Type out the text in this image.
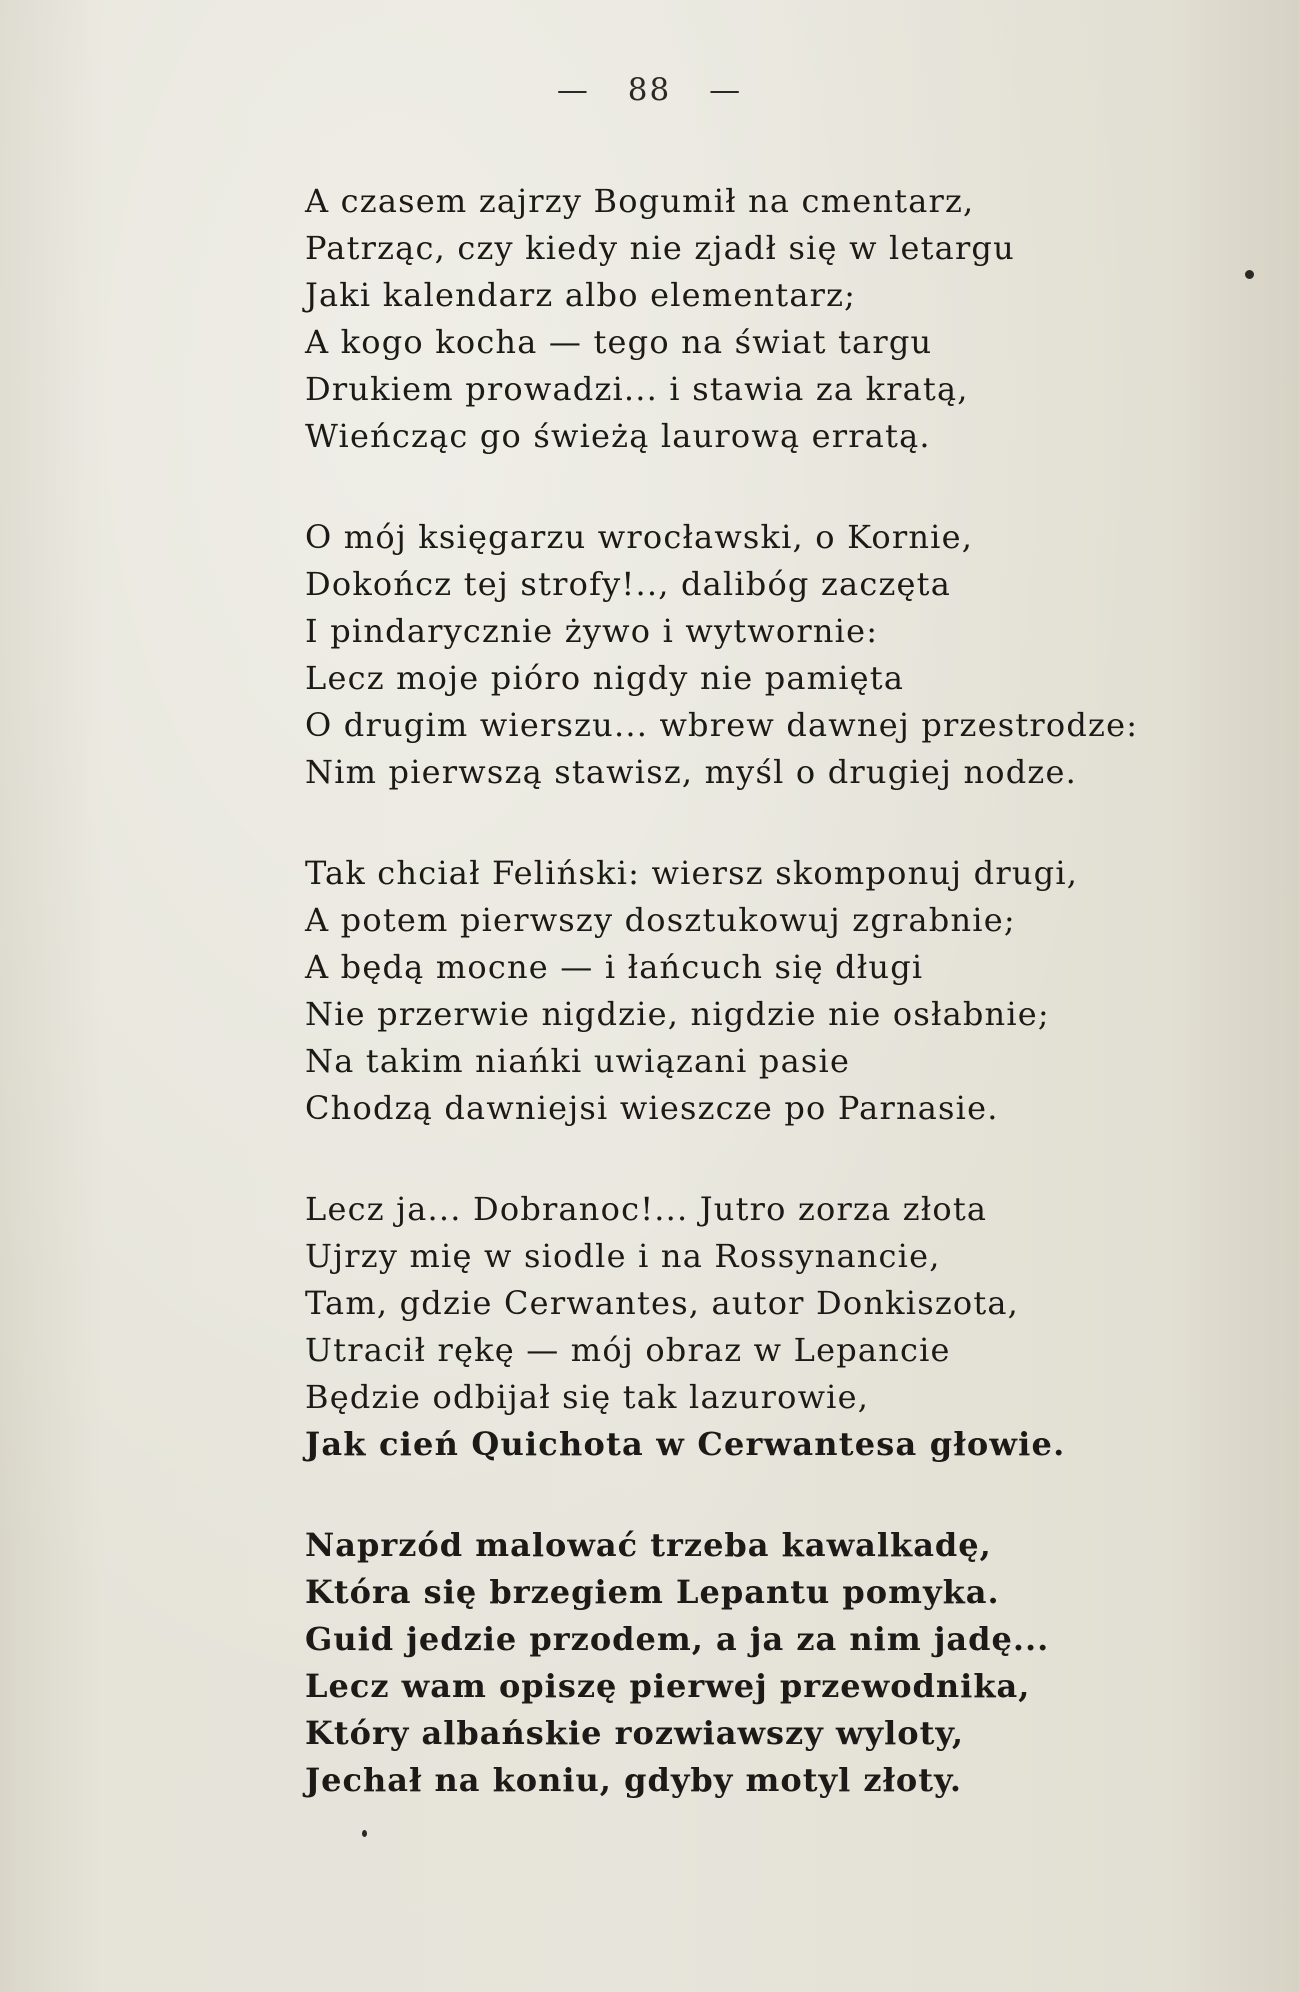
— 88 —
A czasem zajrzy Bogumił na cmentarz,
Patrząc, czy kiedy nie zjadł się w letargu
Jaki kalendarz albo elementarz;
A kogo kocha — tego na świat targu
Drukiem prowadzi... i stawia za kratą,
Wieńcząc go świeżą laurową erratą.
O mój księgarzu wrocławski, o Kornie,
Dokończ tej strofy!.., dalibóg zaczęta
I pindarycznie żywo i wytwornie:
Lecz moje pióro nigdy nie pamięta
O drugim wierszu... wbrew dawnej przestrodze:
Nim pierwszą stawisz, myśl o drugiej nodze.
Tak chciał Feliński: wiersz skomponuj drugi,
A potem pierwszy dosztukowuj zgrabnie;
A będą mocne — i łańcuch się długi
Nie przerwie nigdzie, nigdzie nie osłabnie;
Na takim niańki uwiązani pasie
Chodzą dawniejsi wieszcze po Parnasie.
Lecz ja... Dobranoc!... Jutro zorza złota
Ujrzy mię w siodle i na Rossynancie,
Tam, gdzie Cerwantes, autor Donkiszota,
Utracił rękę — mój obraz w Lepancie
Będzie odbijał się tak lazurowie,
Jak cień Quichota w Cerwantesa głowie.
Naprzód malować trzeba kawalkadę,
Która się brzegiem Lepantu pomyka.
Guid jedzie przodem, a ja za nim jadę...
Lecz wam opiszę pierwej przewodnika,
Który albańskie rozwiawszy wyloty,
Jechał na koniu, gdyby motyl złoty.
